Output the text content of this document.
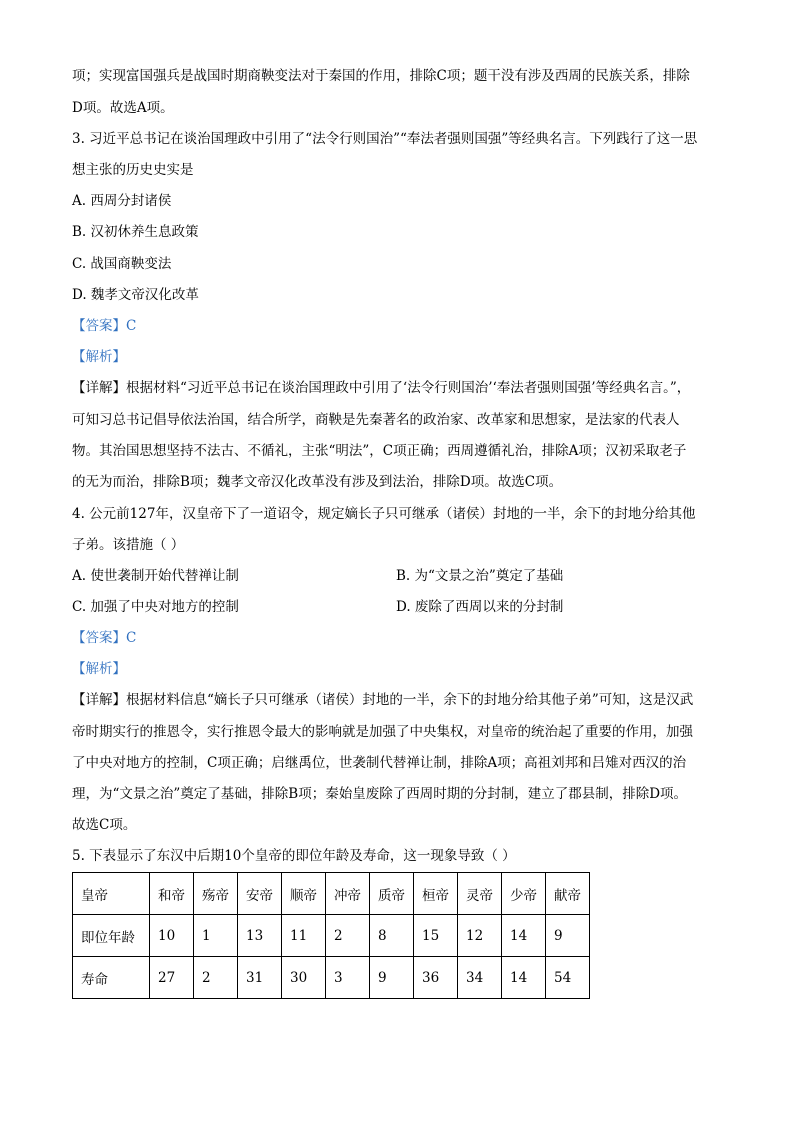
项；实现富国强兵是战国时期商鞅变法对于秦国的作用，排除C项；题干没有涉及西周的民族关系，排除
D项。故选A项。
3. 习近平总书记在谈治国理政中引用了“法令行则国治”“奉法者强则国强”等经典名言。下列践行了这一思
想主张的历史史实是
A. 西周分封诸侯
B. 汉初休养生息政策
C. 战国商鞅变法
D. 魏孝文帝汉化改革
【答案】C
【解析】
【详解】根据材料“习近平总书记在谈治国理政中引用了‘法令行则国治’‘奉法者强则国强’等经典名言。”，
可知习总书记倡导依法治国，结合所学，商鞅是先秦著名的政治家、改革家和思想家，是法家的代表人
物。其治国思想坚持不法古、不循礼，主张“明法”，C项正确；西周遵循礼治，排除A项；汉初采取老子
的无为而治，排除B项；魏孝文帝汉化改革没有涉及到法治，排除D项。故选C项。
4. 公元前127年，汉皇帝下了一道诏令，规定嫡长子只可继承（诸侯）封地的一半，余下的封地分给其他
子弟。该措施（ ）
A. 使世袭制开始代替禅让制	B. 为“文景之治”奠定了基础
C. 加强了中央对地方的控制	D. 废除了西周以来的分封制
【答案】C
【解析】
【详解】根据材料信息“嫡长子只可继承（诸侯）封地的一半，余下的封地分给其他子弟”可知，这是汉武
帝时期实行的推恩令，实行推恩令最大的影响就是加强了中央集权，对皇帝的统治起了重要的作用，加强
了中央对地方的控制，C项正确；启继禹位，世袭制代替禅让制，排除A项；高祖刘邦和吕雉对西汉的治
理，为“文景之治”奠定了基础，排除B项；秦始皇废除了西周时期的分封制，建立了郡县制，排除D项。
故选C项。
5. 下表显示了东汉中后期10个皇帝的即位年龄及寿命，这一现象导致（ ）
皇帝	和帝	殇帝	安帝	顺帝	冲帝	质帝	桓帝	灵帝	少帝	献帝
即位年龄	10	1	13	11	2	8	15	12	14	9
寿命	27	2	31	30	3	9	36	34	14	54
